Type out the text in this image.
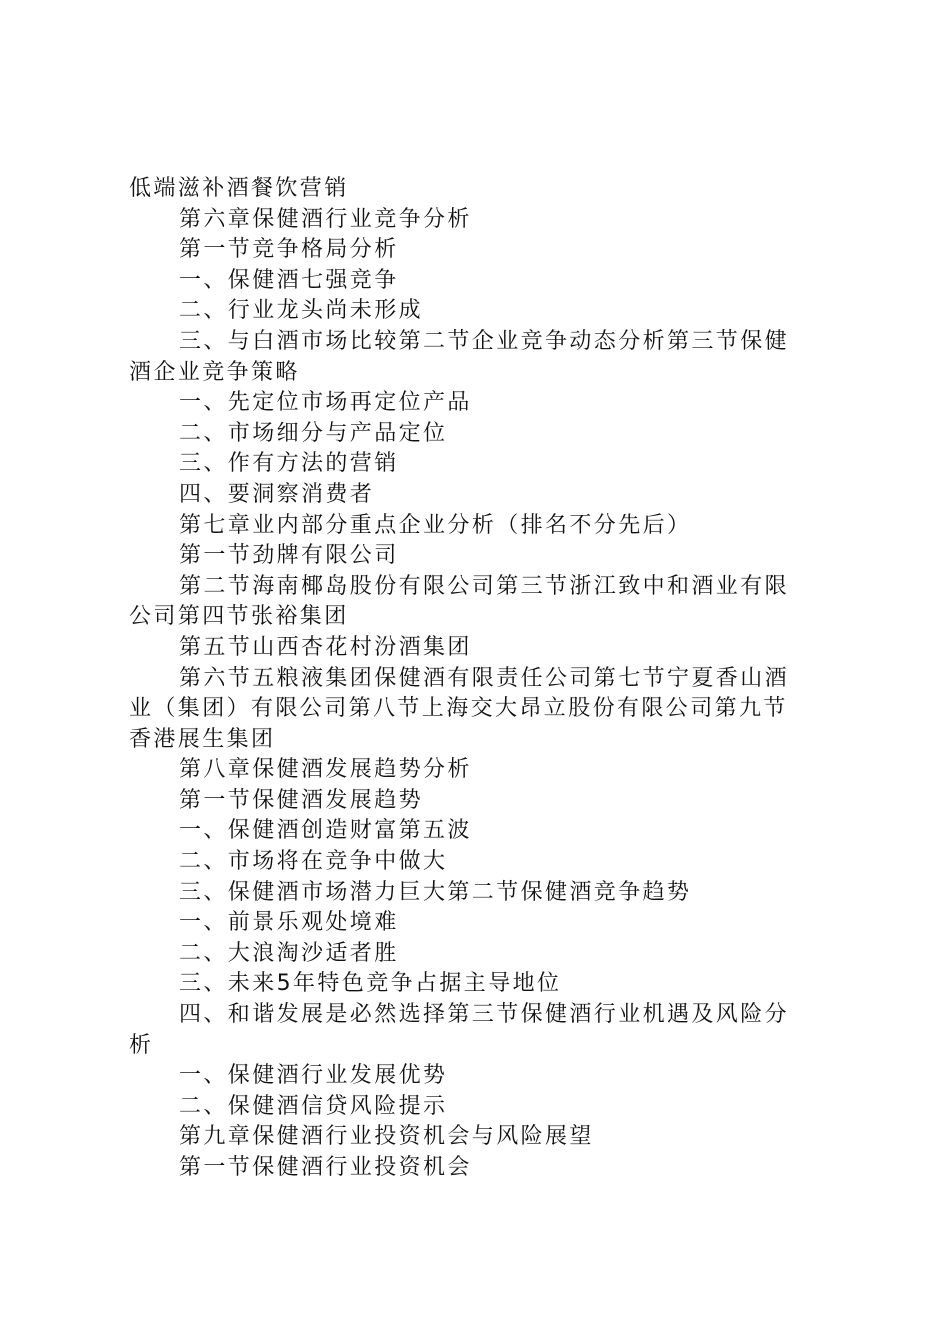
低端滋补酒餐饮营销
第六章保健酒行业竞争分析
第一节竞争格局分析
一、保健酒七强竞争
二、行业龙头尚未形成
三、与白酒市场比较第二节企业竞争动态分析第三节保健
酒企业竞争策略
一、先定位市场再定位产品
二、市场细分与产品定位
三、作有方法的营销
四、要洞察消费者
第七章业内部分重点企业分析（排名不分先后）
第一节劲牌有限公司
第二节海南椰岛股份有限公司第三节浙江致中和酒业有限
公司第四节张裕集团
第五节山西杏花村汾酒集团
第六节五粮液集团保健酒有限责任公司第七节宁夏香山酒
业（集团）有限公司第八节上海交大昂立股份有限公司第九节
香港展生集团
第八章保健酒发展趋势分析
第一节保健酒发展趋势
一、保健酒创造财富第五波
二、市场将在竞争中做大
三、保健酒市场潜力巨大第二节保健酒竞争趋势
一、前景乐观处境难
二、大浪淘沙适者胜
三、未来5年特色竞争占据主导地位
四、和谐发展是必然选择第三节保健酒行业机遇及风险分
析
一、保健酒行业发展优势
二、保健酒信贷风险提示
第九章保健酒行业投资机会与风险展望
第一节保健酒行业投资机会
